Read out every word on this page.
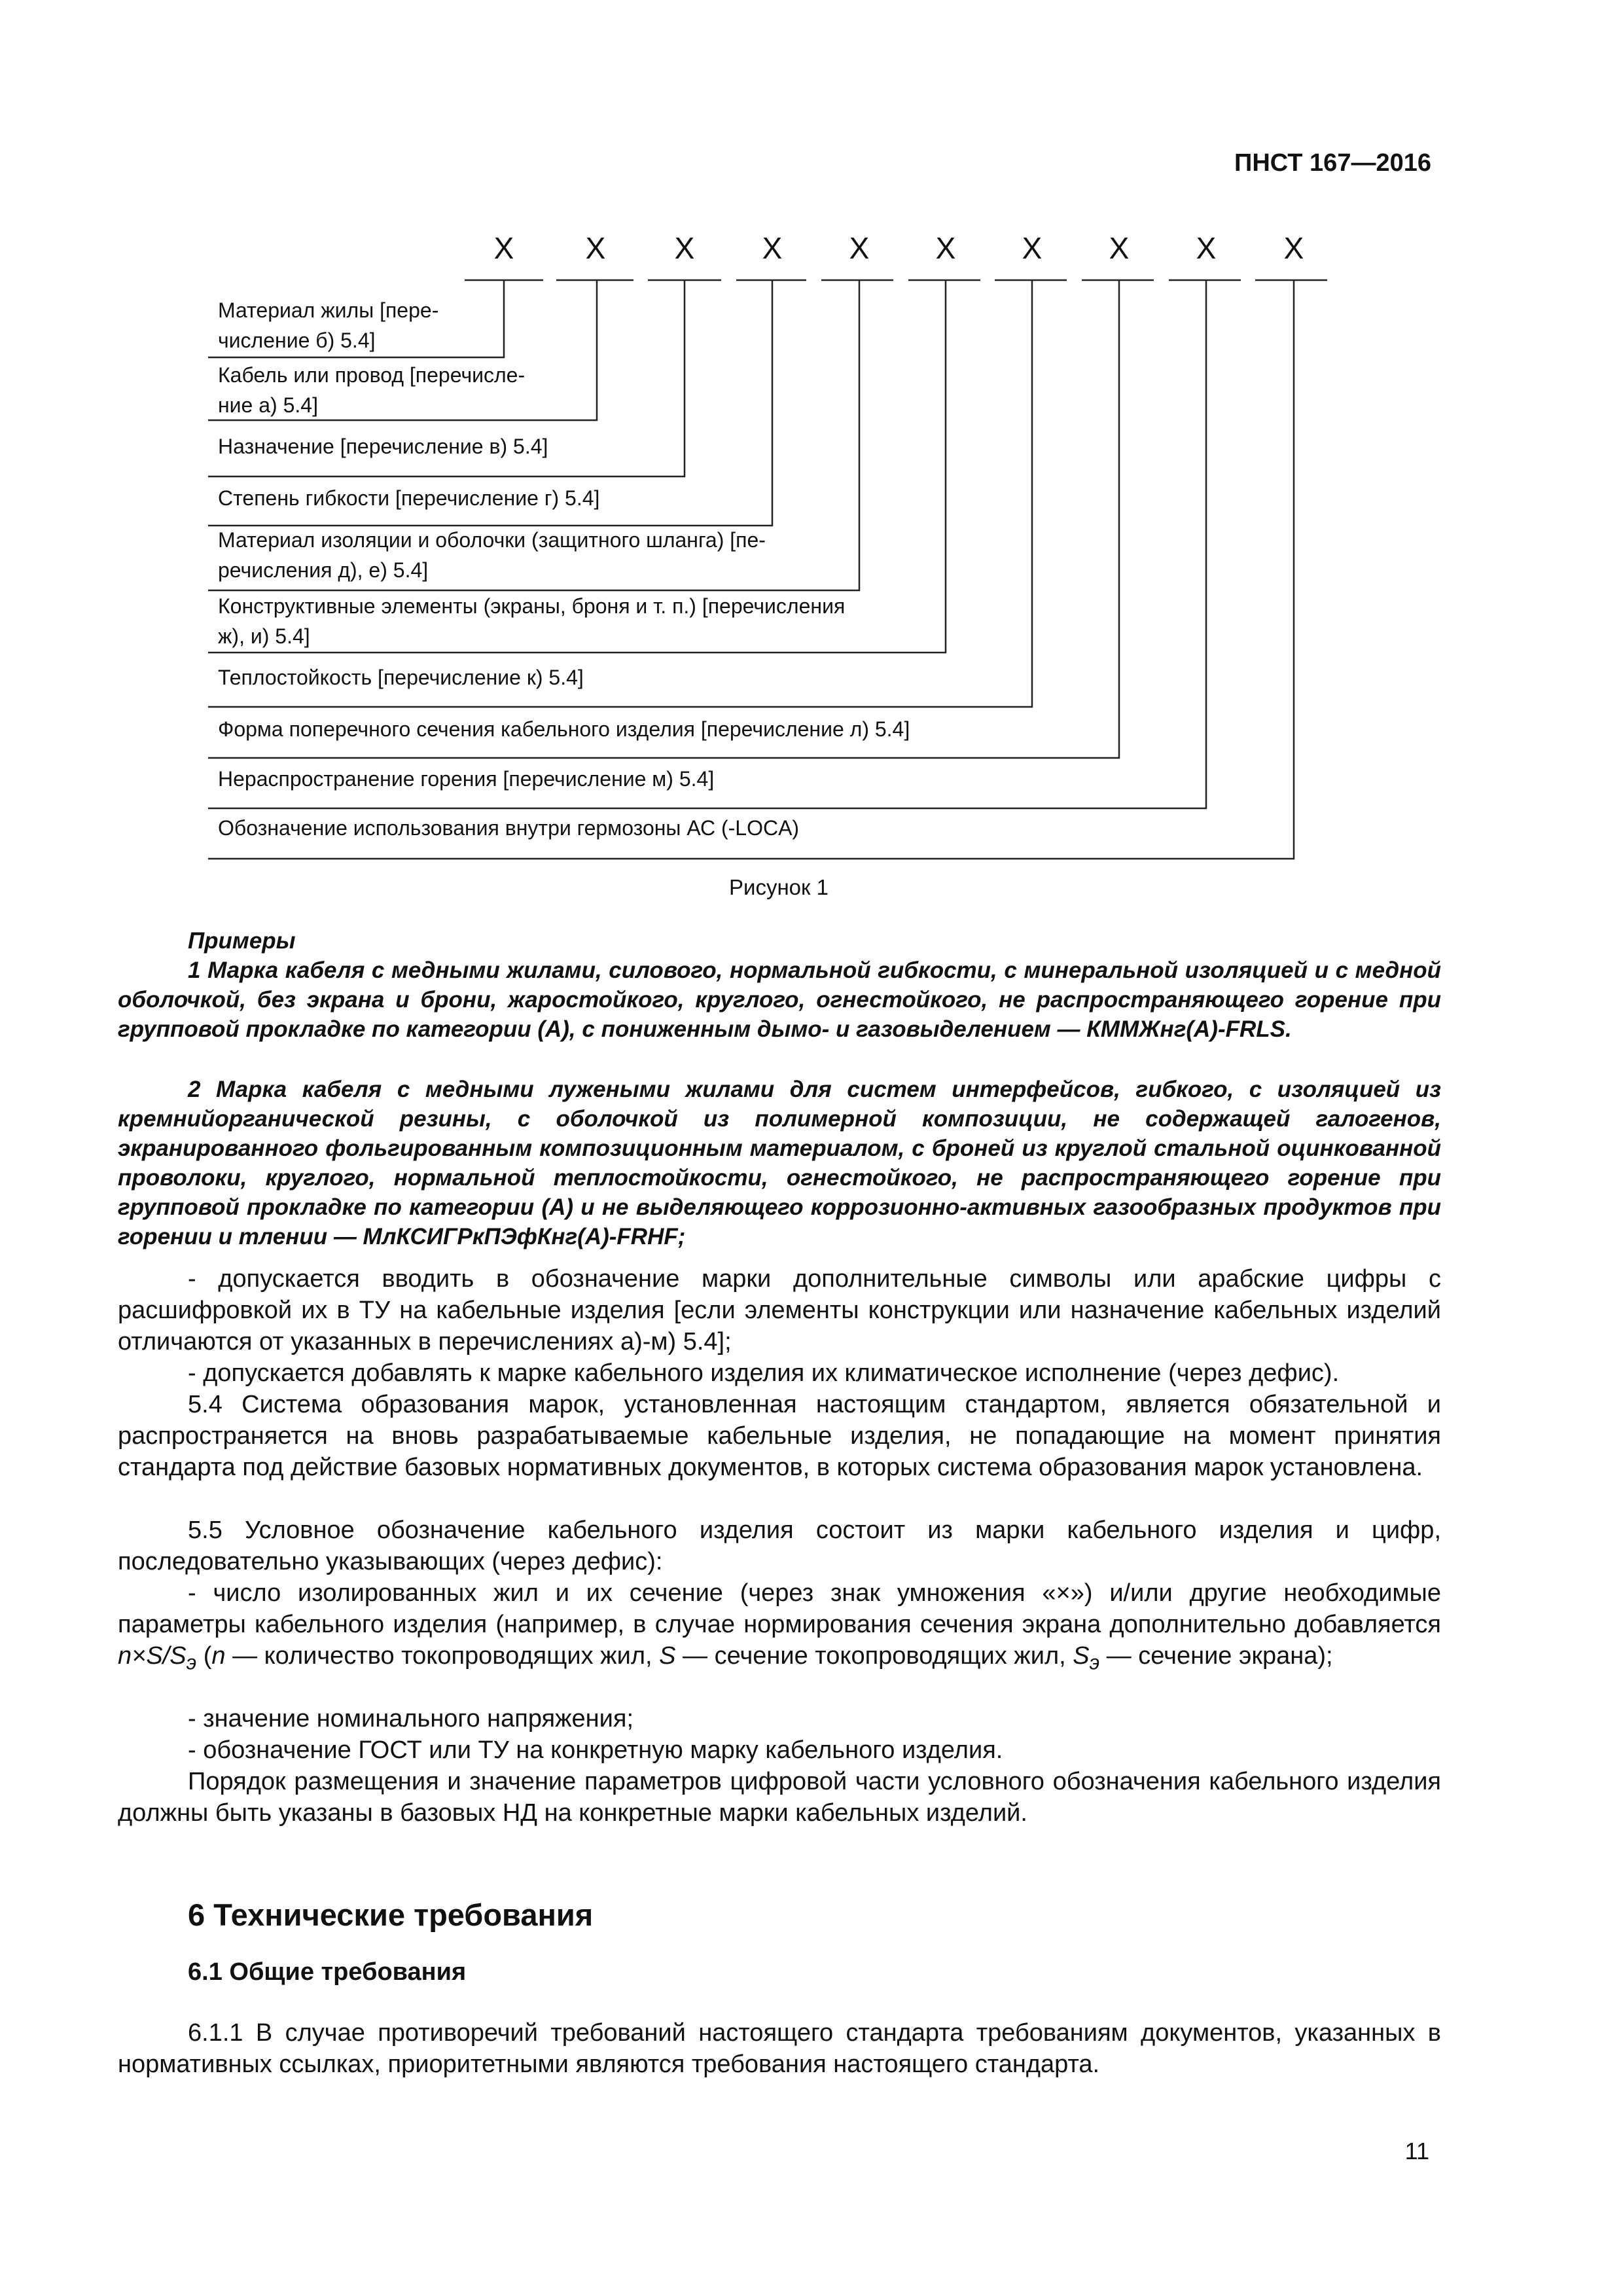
ПНСТ 167—2016
X	X	X	X	X	X	X	X	X	X
Материал жилы [пере-
числение б) 5.4]
Кабель или провод [перечисле-
ние а) 5.4]
Назначение [перечисление в) 5.4]
Степень гибкости [перечисление г) 5.4]
Материал изоляции и оболочки (защитного шланга) [пе-
речисления д), е) 5.4]
Конструктивные элементы (экраны, броня и т. п.) [перечисления
ж), и) 5.4]
Теплостойкость [перечисление к) 5.4]
Форма поперечного сечения кабельного изделия [перечисление л) 5.4]
Нераспространение горения [перечисление м) 5.4]
Обозначение использования внутри гермозоны АС (-LOCA)
Рисунок 1
Примеры
1 Марка кабеля с медными жилами, силового, нормальной гибкости, с минеральной изоляцией и с медной оболочкой, без экрана и брони, жаростойкого, круглого, огнестойкого, не распространяющего горение при групповой прокладке по категории (А), с пониженным дымо- и газовыделением — КММЖнг(А)-FRLS.
2 Марка кабеля с медными лужеными жилами для систем интерфейсов, гибкого, с изоляцией из кремнийорганической резины, с оболочкой из полимерной композиции, не содержащей галогенов, экранированного фольгированным композиционным материалом, с броней из круглой стальной оцинкованной проволоки, круглого, нормальной теплостойкости, огнестойкого, не распространяющего горение при групповой прокладке по категории (А) и не выделяющего коррозионно-активных газообразных продуктов при горении и тлении — МлКСИГРкПЭфКнг(А)-FRHF;
- допускается вводить в обозначение марки дополнительные символы или арабские цифры с расшифровкой их в ТУ на кабельные изделия [если элементы конструкции или назначение кабельных изделий отличаются от указанных в перечислениях а)-м) 5.4];
- допускается добавлять к марке кабельного изделия их климатическое исполнение (через дефис).
5.4 Система образования марок, установленная настоящим стандартом, является обязательной и распространяется на вновь разрабатываемые кабельные изделия, не попадающие на момент принятия стандарта под действие базовых нормативных документов, в которых система образования марок установлена.
5.5 Условное обозначение кабельного изделия состоит из марки кабельного изделия и цифр, последовательно указывающих (через дефис):
- число изолированных жил и их сечение (через знак умножения «×») и/или другие необходимые параметры кабельного изделия (например, в случае нормирования сечения экрана дополнительно добавляется $n\times S/S_э$ (n — количество токопроводящих жил, S — сечение токопроводящих жил, $S_э$ — сечение экрана);
- значение номинального напряжения;
- обозначение ГОСТ или ТУ на конкретную марку кабельного изделия.
Порядок размещения и значение параметров цифровой части условного обозначения кабельного изделия должны быть указаны в базовых НД на конкретные марки кабельных изделий.
6 Технические требования
6.1 Общие требования
6.1.1 В случае противоречий требований настоящего стандарта требованиям документов, указанных в нормативных ссылках, приоритетными являются требования настоящего стандарта.
11
